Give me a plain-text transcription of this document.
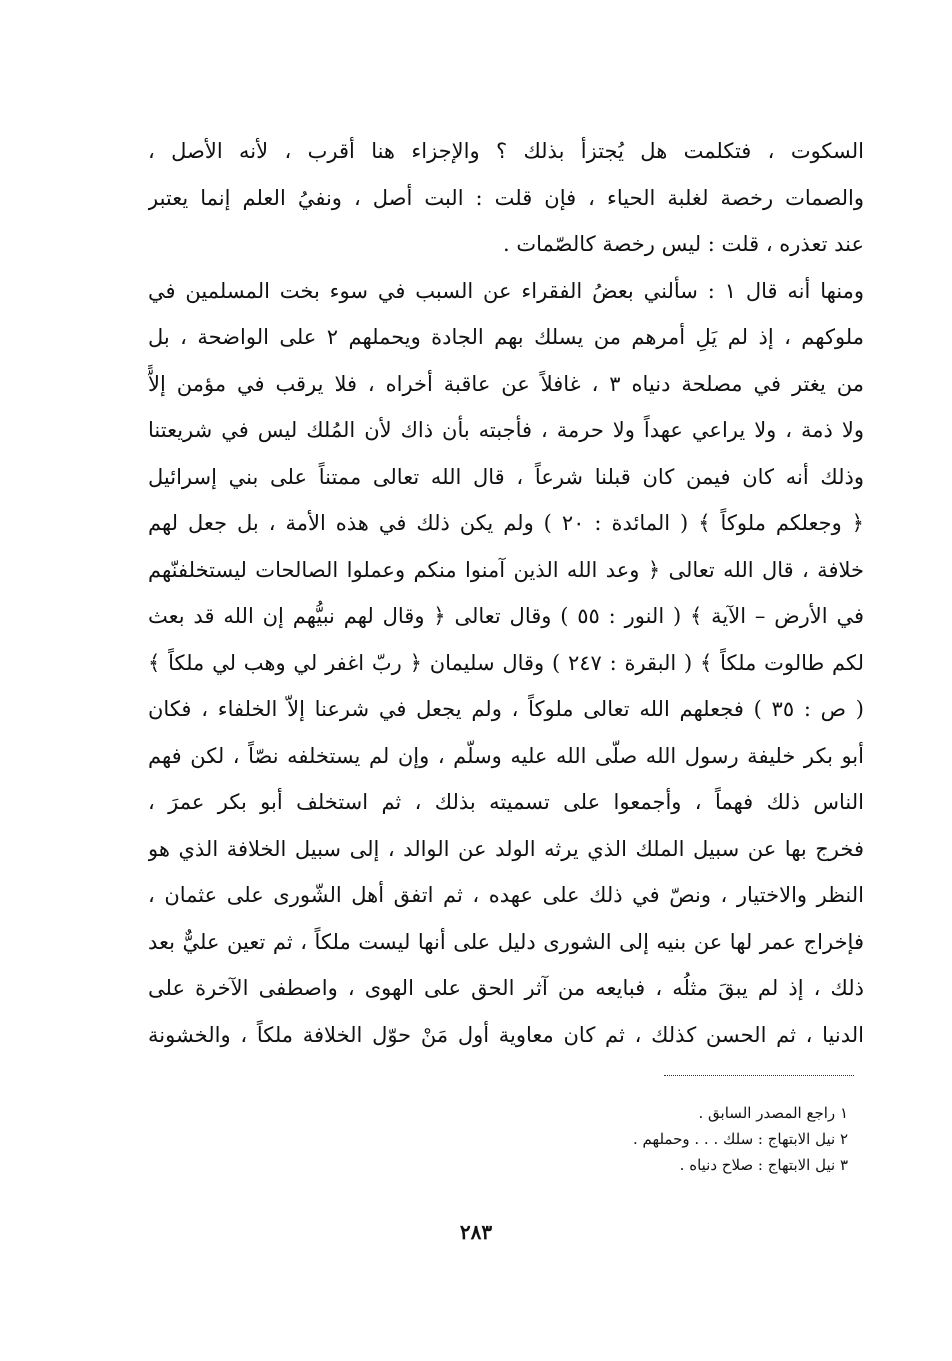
السكوت ، فتكلمت هل يُجتزأ بذلك ؟ والإجزاء هنا أقرب ، لأنه الأصل ،
والصمات رخصة لغلبة الحياء ، فإن قلت : البت أصل ، ونفيُ العلم إنما يعتبر
عند تعذره ، قلت : ليس رخصة كالصّمات .
ومنها أنه قال ١ : سألني بعضُ الفقراء عن السبب في سوء بخت المسلمين في
ملوكهم ، إذ لم يَلِ أمرهم من يسلك بهم الجادة ويحملهم ٢ على الواضحة ، بل
من يغتر في مصلحة دنياه ٣ ، غافلاً عن عاقبة أخراه ، فلا يرقب في مؤمن إلاًّ
ولا ذمة ، ولا يراعي عهداً ولا حرمة ، فأجبته بأن ذاك لأن المُلك ليس في شريعتنا
وذلك أنه كان فيمن كان قبلنا شرعاً ، قال الله تعالى ممتناً على بني إسرائيل
﴿ وجعلكم ملوكاً ﴾ ( المائدة : ٢٠ ) ولم يكن ذلك في هذه الأمة ، بل جعل لهم
خلافة ، قال الله تعالى ﴿ وعد الله الذين آمنوا منكم وعملوا الصالحات ليستخلفنّهم
في الأرض – الآية ﴾ ( النور : ٥٥ ) وقال تعالى ﴿ وقال لهم نبيُّهم إن الله قد بعث
لكم طالوت ملكاً ﴾ ( البقرة : ٢٤٧ ) وقال سليمان ﴿ ربّ اغفر لي وهب لي ملكاً ﴾
( ص : ٣٥ ) فجعلهم الله تعالى ملوكاً ، ولم يجعل في شرعنا إلاّ الخلفاء ، فكان
أبو بكر خليفة رسول الله صلّى الله عليه وسلّم ، وإن لم يستخلفه نصّاً ، لكن فهم
الناس ذلك فهماً ، وأجمعوا على تسميته بذلك ، ثم استخلف أبو بكر عمرَ ،
فخرج بها عن سبيل الملك الذي يرثه الولد عن الوالد ، إلى سبيل الخلافة الذي هو
النظر والاختيار ، ونصّ في ذلك على عهده ، ثم اتفق أهل الشّورى على عثمان ،
فإخراج عمر لها عن بنيه إلى الشورى دليل على أنها ليست ملكاً ، ثم تعين عليٌّ بعد
ذلك ، إذ لم يبقَ مثلُه ، فبايعه من آثر الحق على الهوى ، واصطفى الآخرة على
الدنيا ، ثم الحسن كذلك ، ثم كان معاوية أول مَنْ حوّل الخلافة ملكاً ، والخشونة
١ راجع المصدر السابق .
٢ نيل الابتهاج : سلك . . . وحملهم .
٣ نيل الابتهاج : صلاح دنياه .
٢٨٣
